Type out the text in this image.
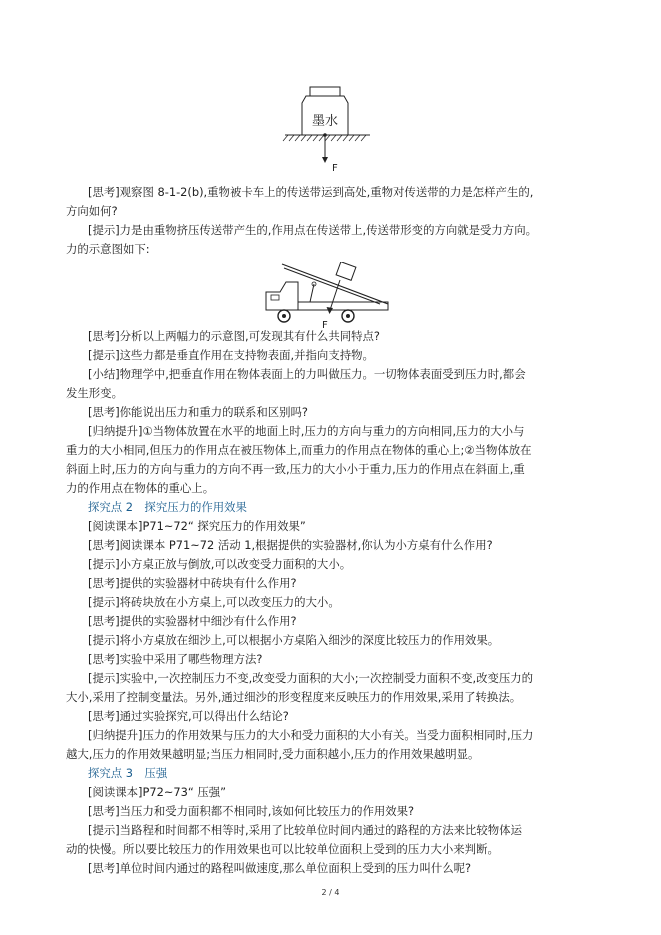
墨水
F
F
[思考]观察图 8-1-2(b),重物被卡车上的传送带运到高处,重物对传送带的力是怎样产生的,
方向如何?
[提示]力是由重物挤压传送带产生的,作用点在传送带上,传送带形变的方向就是受力方向。
力的示意图如下:
[思考]分析以上两幅力的示意图,可发现其有什么共同特点?
[提示]这些力都是垂直作用在支持物表面,并指向支持物。
[小结]物理学中,把垂直作用在物体表面上的力叫做压力。一切物体表面受到压力时,都会
发生形变。
[思考]你能说出压力和重力的联系和区别吗?
[归纳提升]①当物体放置在水平的地面上时,压力的方向与重力的方向相同,压力的大小与
重力的大小相同,但压力的作用点在被压物体上,而重力的作用点在物体的重心上;②当物体放在
斜面上时,压力的方向与重力的方向不再一致,压力的大小小于重力,压力的作用点在斜面上,重
力的作用点在物体的重心上。
探究点 2　探究压力的作用效果
[阅读课本]P71~72“ 探究压力的作用效果”
[思考]阅读课本 P71~72 活动 1,根据提供的实验器材,你认为小方桌有什么作用?
[提示]小方桌正放与倒放,可以改变受力面积的大小。
[思考]提供的实验器材中砖块有什么作用?
[提示]将砖块放在小方桌上,可以改变压力的大小。
[思考]提供的实验器材中细沙有什么作用?
[提示]将小方桌放在细沙上,可以根据小方桌陷入细沙的深度比较压力的作用效果。
[思考]实验中采用了哪些物理方法?
[提示]实验中,一次控制压力不变,改变受力面积的大小;一次控制受力面积不变,改变压力的
大小,采用了控制变量法。另外,通过细沙的形变程度来反映压力的作用效果,采用了转换法。
[思考]通过实验探究,可以得出什么结论?
[归纳提升]压力的作用效果与压力的大小和受力面积的大小有关。当受力面积相同时,压力
越大,压力的作用效果越明显;当压力相同时,受力面积越小,压力的作用效果越明显。
探究点 3　压强
[阅读课本]P72~73“ 压强”
[思考]当压力和受力面积都不相同时,该如何比较压力的作用效果?
[提示]当路程和时间都不相等时,采用了比较单位时间内通过的路程的方法来比较物体运
动的快慢。所以要比较压力的作用效果也可以比较单位面积上受到的压力大小来判断。
[思考]单位时间内通过的路程叫做速度,那么单位面积上受到的压力叫什么呢?
2 / 4
